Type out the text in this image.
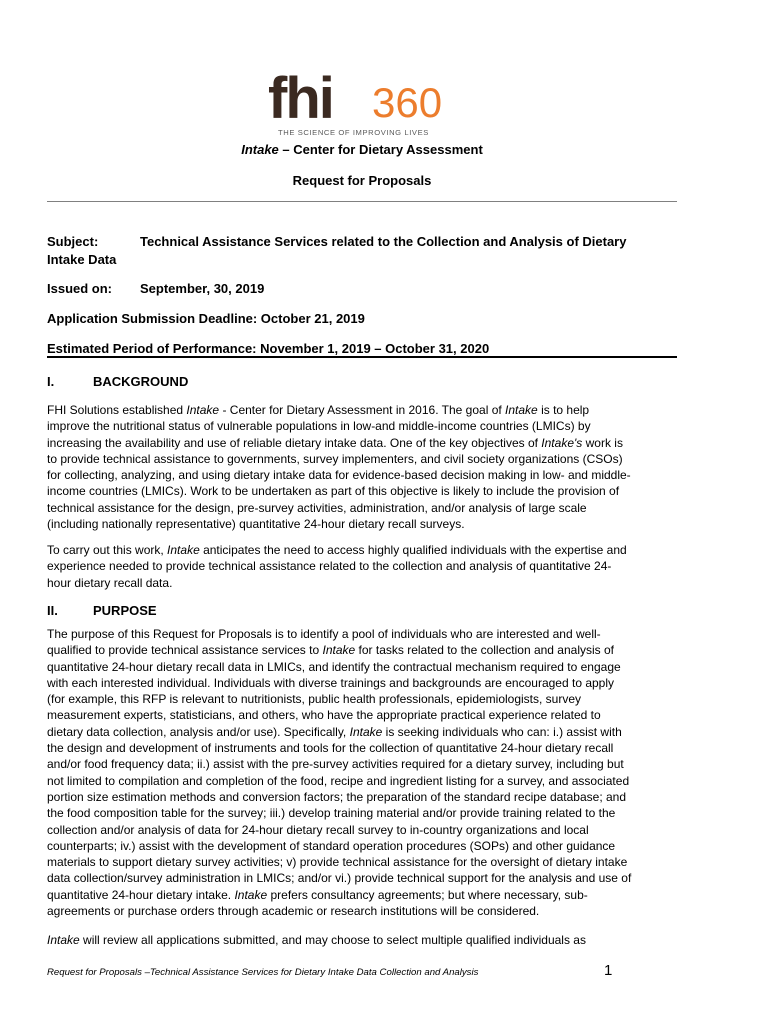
fhi 360
THE SCIENCE OF IMPROVING LIVES
Intake – Center for Dietary Assessment
Request for Proposals
Subject:	Technical Assistance Services related to the Collection and Analysis of Dietary
Intake Data
Issued on: September, 30, 2019
Application Submission Deadline: October 21, 2019
Estimated Period of Performance: November 1, 2019 – October 31, 2020
I.	BACKGROUND
FHI Solutions established Intake - Center for Dietary Assessment in 2016. The goal of Intake is to help
improve the nutritional status of vulnerable populations in low-and middle-income countries (LMICs) by
increasing the availability and use of reliable dietary intake data. One of the key objectives of Intake's work is
to provide technical assistance to governments, survey implementers, and civil society organizations (CSOs)
for collecting, analyzing, and using dietary intake data for evidence-based decision making in low- and middle-
income countries (LMICs). Work to be undertaken as part of this objective is likely to include the provision of
technical assistance for the design, pre-survey activities, administration, and/or analysis of large scale
(including nationally representative) quantitative 24-hour dietary recall surveys.
To carry out this work, Intake anticipates the need to access highly qualified individuals with the expertise and
experience needed to provide technical assistance related to the collection and analysis of quantitative 24-
hour dietary recall data.
II.	PURPOSE
The purpose of this Request for Proposals is to identify a pool of individuals who are interested and well-
qualified to provide technical assistance services to Intake for tasks related to the collection and analysis of
quantitative 24-hour dietary recall data in LMICs, and identify the contractual mechanism required to engage
with each interested individual. Individuals with diverse trainings and backgrounds are encouraged to apply
(for example, this RFP is relevant to nutritionists, public health professionals, epidemiologists, survey
measurement experts, statisticians, and others, who have the appropriate practical experience related to
dietary data collection, analysis and/or use). Specifically, Intake is seeking individuals who can: i.) assist with
the design and development of instruments and tools for the collection of quantitative 24-hour dietary recall
and/or food frequency data; ii.) assist with the pre-survey activities required for a dietary survey, including but
not limited to compilation and completion of the food, recipe and ingredient listing for a survey, and associated
portion size estimation methods and conversion factors; the preparation of the standard recipe database; and
the food composition table for the survey; iii.) develop training material and/or provide training related to the
collection and/or analysis of data for 24-hour dietary recall survey to in-country organizations and local
counterparts; iv.) assist with the development of standard operation procedures (SOPs) and other guidance
materials to support dietary survey activities; v) provide technical assistance for the oversight of dietary intake
data collection/survey administration in LMICs; and/or vi.) provide technical support for the analysis and use of
quantitative 24-hour dietary intake. Intake prefers consultancy agreements; but where necessary, sub-
agreements or purchase orders through academic or research institutions will be considered.
Intake will review all applications submitted, and may choose to select multiple qualified individuals as
Request for Proposals –Technical Assistance Services for Dietary Intake Data Collection and Analysis	1
